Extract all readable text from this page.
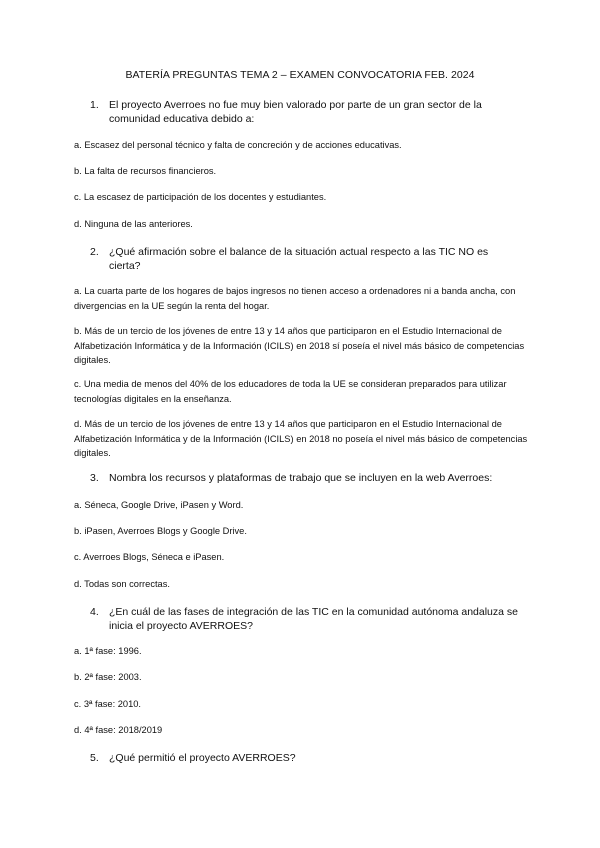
BATERÍA PREGUNTAS TEMA 2 – EXAMEN CONVOCATORIA FEB. 2024
1. El proyecto Averroes no fue muy bien valorado por parte de un gran sector de la comunidad educativa debido a:
a. Escasez del personal técnico y falta de concreción y de acciones educativas.
b. La falta de recursos financieros.
c. La escasez de participación de los docentes y estudiantes.
d. Ninguna de las anteriores.
2. ¿Qué afirmación sobre el balance de la situación actual respecto a las TIC NO es cierta?
a. La cuarta parte de los hogares de bajos ingresos no tienen acceso a ordenadores ni a banda ancha, con divergencias en la UE según la renta del hogar.
b. Más de un tercio de los jóvenes de entre 13 y 14 años que participaron en el Estudio Internacional de Alfabetización Informática y de la Información (ICILS) en 2018 sí poseía el nivel más básico de competencias digitales.
c. Una media de menos del 40% de los educadores de toda la UE se consideran preparados para utilizar tecnologías digitales en la enseñanza.
d. Más de un tercio de los jóvenes de entre 13 y 14 años que participaron en el Estudio Internacional de Alfabetización Informática y de la Información (ICILS) en 2018 no poseía el nivel más básico de competencias digitales.
3. Nombra los recursos y plataformas de trabajo que se incluyen en la web Averroes:
a. Séneca, Google Drive, iPasen y Word.
b. iPasen, Averroes Blogs y Google Drive.
c. Averroes Blogs, Séneca e iPasen.
d. Todas son correctas.
4. ¿En cuál de las fases de integración de las TIC en la comunidad autónoma andaluza se inicia el proyecto AVERROES?
a. 1ª fase: 1996.
b. 2ª fase: 2003.
c. 3ª fase: 2010.
d. 4ª fase: 2018/2019
5. ¿Qué permitió el proyecto AVERROES?
